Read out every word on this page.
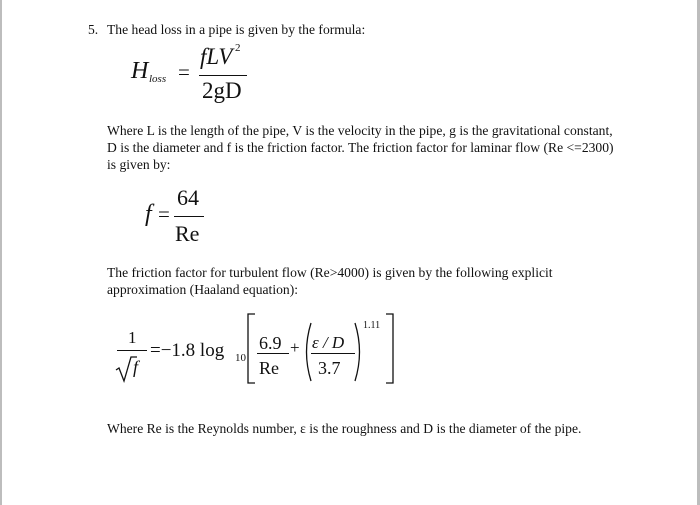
5. The head loss in a pipe is given by the formula:
H loss =
fLV 2
2gD
Where L is the length of the pipe, V is the velocity in the pipe, g is the gravitational constant,
D is the diameter and f is the friction factor. The friction factor for laminar flow (Re <=2300)
is given by:
f =
64
Re
The friction factor for turbulent flow (Re>4000) is given by the following explicit
approximation (Haaland equation):
1
f
=−1.8 log 10
6.9
Re
+ ε / D
3.7
1.11
Where Re is the Reynolds number, ε is the roughness and D is the diameter of the pipe.
